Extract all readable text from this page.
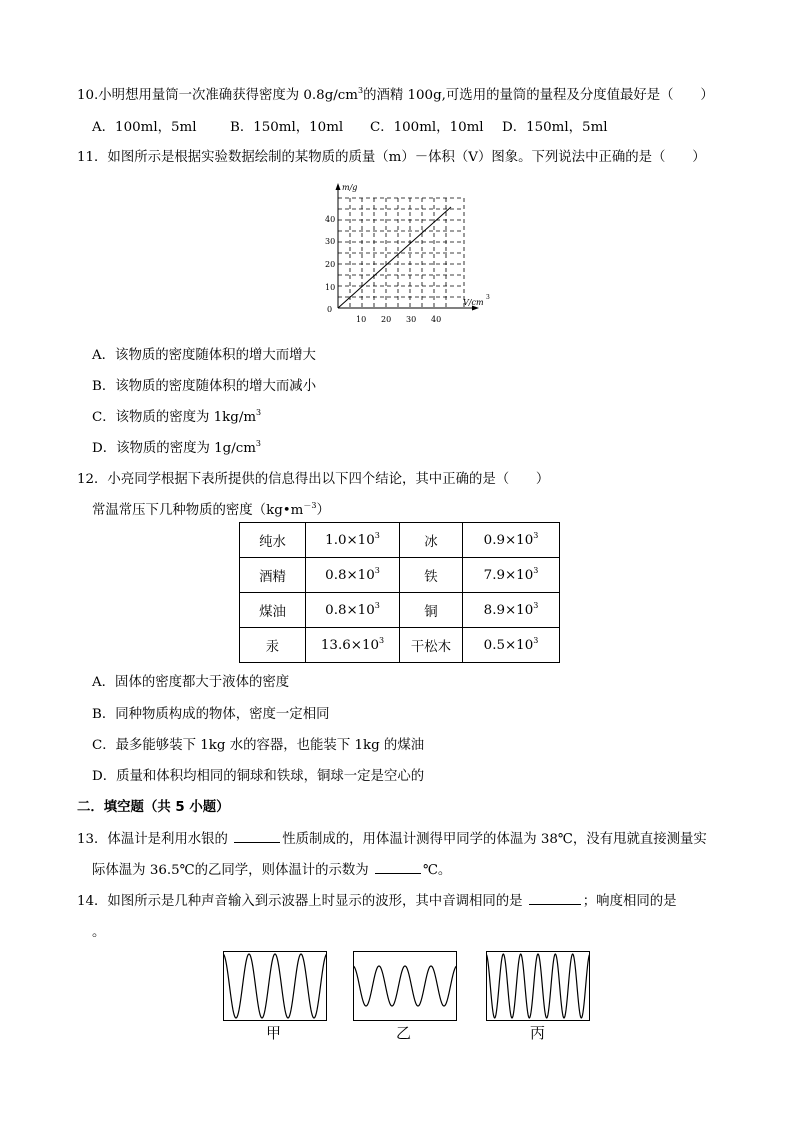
10.小明想用量筒一次准确获得密度为 $0.8g/cm^3$的酒精 100g,可选用的量筒的量程及分度值最好是（　　）
A．100ml，5ml	B．150ml，10ml C．100ml，10ml D．150ml，5ml
11．如图所示是根据实验数据绘制的某物质的质量（m）－体积（V）图象。下列说法中正确的是（　　）
m/g
40
30
20
10
0
10 20 30 40
V/cm
3
A．该物质的密度随体积的增大而增大
B．该物质的密度随体积的增大而减小
C．该物质的密度为 $1kg/m^3$
D．该物质的密度为 $1g/cm^3$
12．小亮同学根据下表所提供的信息得出以下四个结论，其中正确的是（　　）
常温常压下几种物质的密度$(kg•m^{-3})$
纯水	$1.0\times 10^3$	冰	$0.9\times 10^3$
酒精	$0.8\times 10^3$	铁	$7.9\times 10^3$
煤油	$0.8\times 10^3$	铜	$8.9\times 10^3$
汞	$13.6\times 10^3$	干松木	$0.5\times 10^3$
A．固体的密度都大于液体的密度
B．同种物质构成的物体，密度一定相同
C．最多能够装下 1kg 水的容器，也能装下 1kg 的煤油
D．质量和体积均相同的铜球和铁球，铜球一定是空心的
二．填空题（共 5 小题）
13．体温计是利用水银的	性质制成的，用体温计测得甲同学的体温为 38℃，没有甩就直接测量实
际体温为 36.5℃的乙同学，则体温计的示数为	℃。
14．如图所示是几种声音输入到示波器上时显示的波形，其中音调相同的是	；响度相同的是
。
甲	乙	丙
